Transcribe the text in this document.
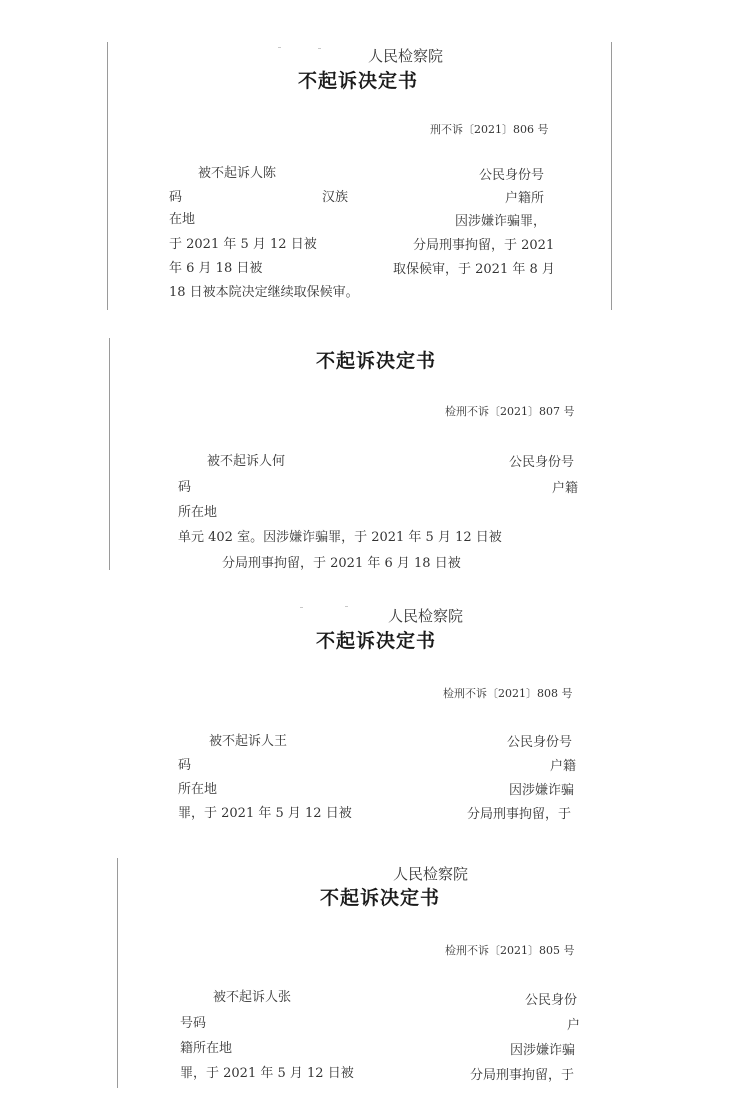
人民检察院
不起诉决定书
刑不诉〔2021〕806 号
被不起诉人陈	公民身份号
码	汉族	户籍所
在地	因涉嫌诈骗罪，
于 2021 年 5 月 12 日被	分局刑事拘留，于 2021
年 6 月 18 日被	取保候审，于 2021 年 8 月
18 日被本院决定继续取保候审。
不起诉决定书
检刑不诉〔2021〕807 号
被不起诉人何	公民身份号
码	户籍
所在地
单元 402 室。因涉嫌诈骗罪，于 2021 年 5 月 12 日被
分局刑事拘留，于 2021 年 6 月 18 日被
人民检察院
不起诉决定书
检刑不诉〔2021〕808 号
被不起诉人王	公民身份号
码	户籍
所在地	因涉嫌诈骗
罪，于 2021 年 5 月 12 日被	分局刑事拘留，于
人民检察院
不起诉决定书
检刑不诉〔2021〕805 号
被不起诉人张	公民身份
号码	户
籍所在地	因涉嫌诈骗
罪，于 2021 年 5 月 12 日被	分局刑事拘留，于
